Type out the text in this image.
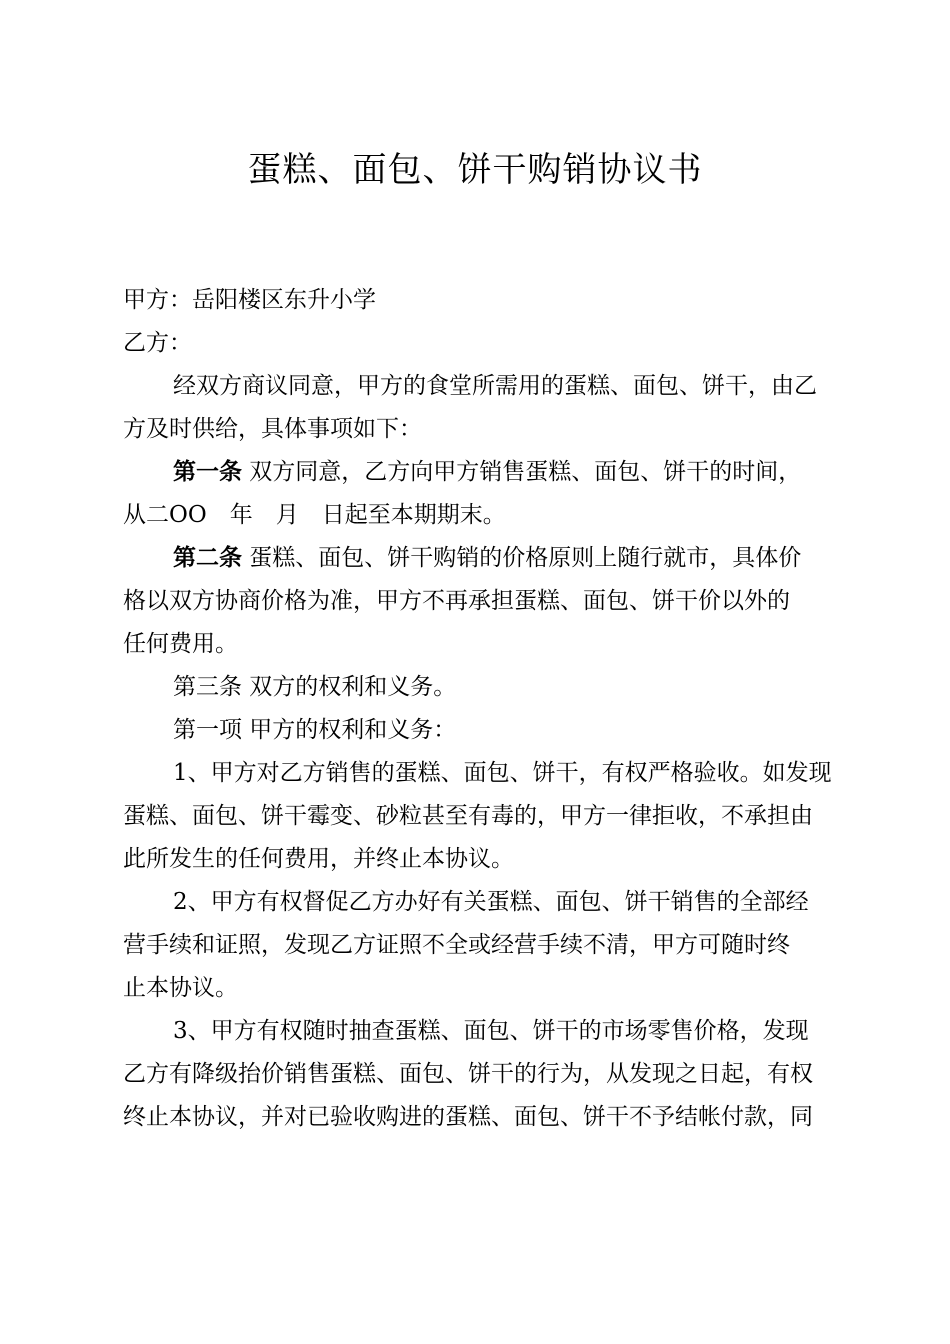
蛋糕、面包、饼干购销协议书
甲方：岳阳楼区东升小学
乙方：
经双方商议同意，甲方的食堂所需用的蛋糕、面包、饼干，由乙
方及时供给，具体事项如下：
第一条 双方同意，乙方向甲方销售蛋糕、面包、饼干的时间，
从二OO　年　月　日起至本期期末。
第二条 蛋糕、面包、饼干购销的价格原则上随行就市，具体价
格以双方协商价格为准，甲方不再承担蛋糕、面包、饼干价以外的
任何费用。
第三条 双方的权利和义务。
第一项 甲方的权利和义务：
1、甲方对乙方销售的蛋糕、面包、饼干，有权严格验收。如发现
蛋糕、面包、饼干霉变、砂粒甚至有毒的，甲方一律拒收，不承担由
此所发生的任何费用，并终止本协议。
2、甲方有权督促乙方办好有关蛋糕、面包、饼干销售的全部经
营手续和证照，发现乙方证照不全或经营手续不清，甲方可随时终
止本协议。
3、甲方有权随时抽查蛋糕、面包、饼干的市场零售价格，发现
乙方有降级抬价销售蛋糕、面包、饼干的行为，从发现之日起，有权
终止本协议，并对已验收购进的蛋糕、面包、饼干不予结帐付款，同
